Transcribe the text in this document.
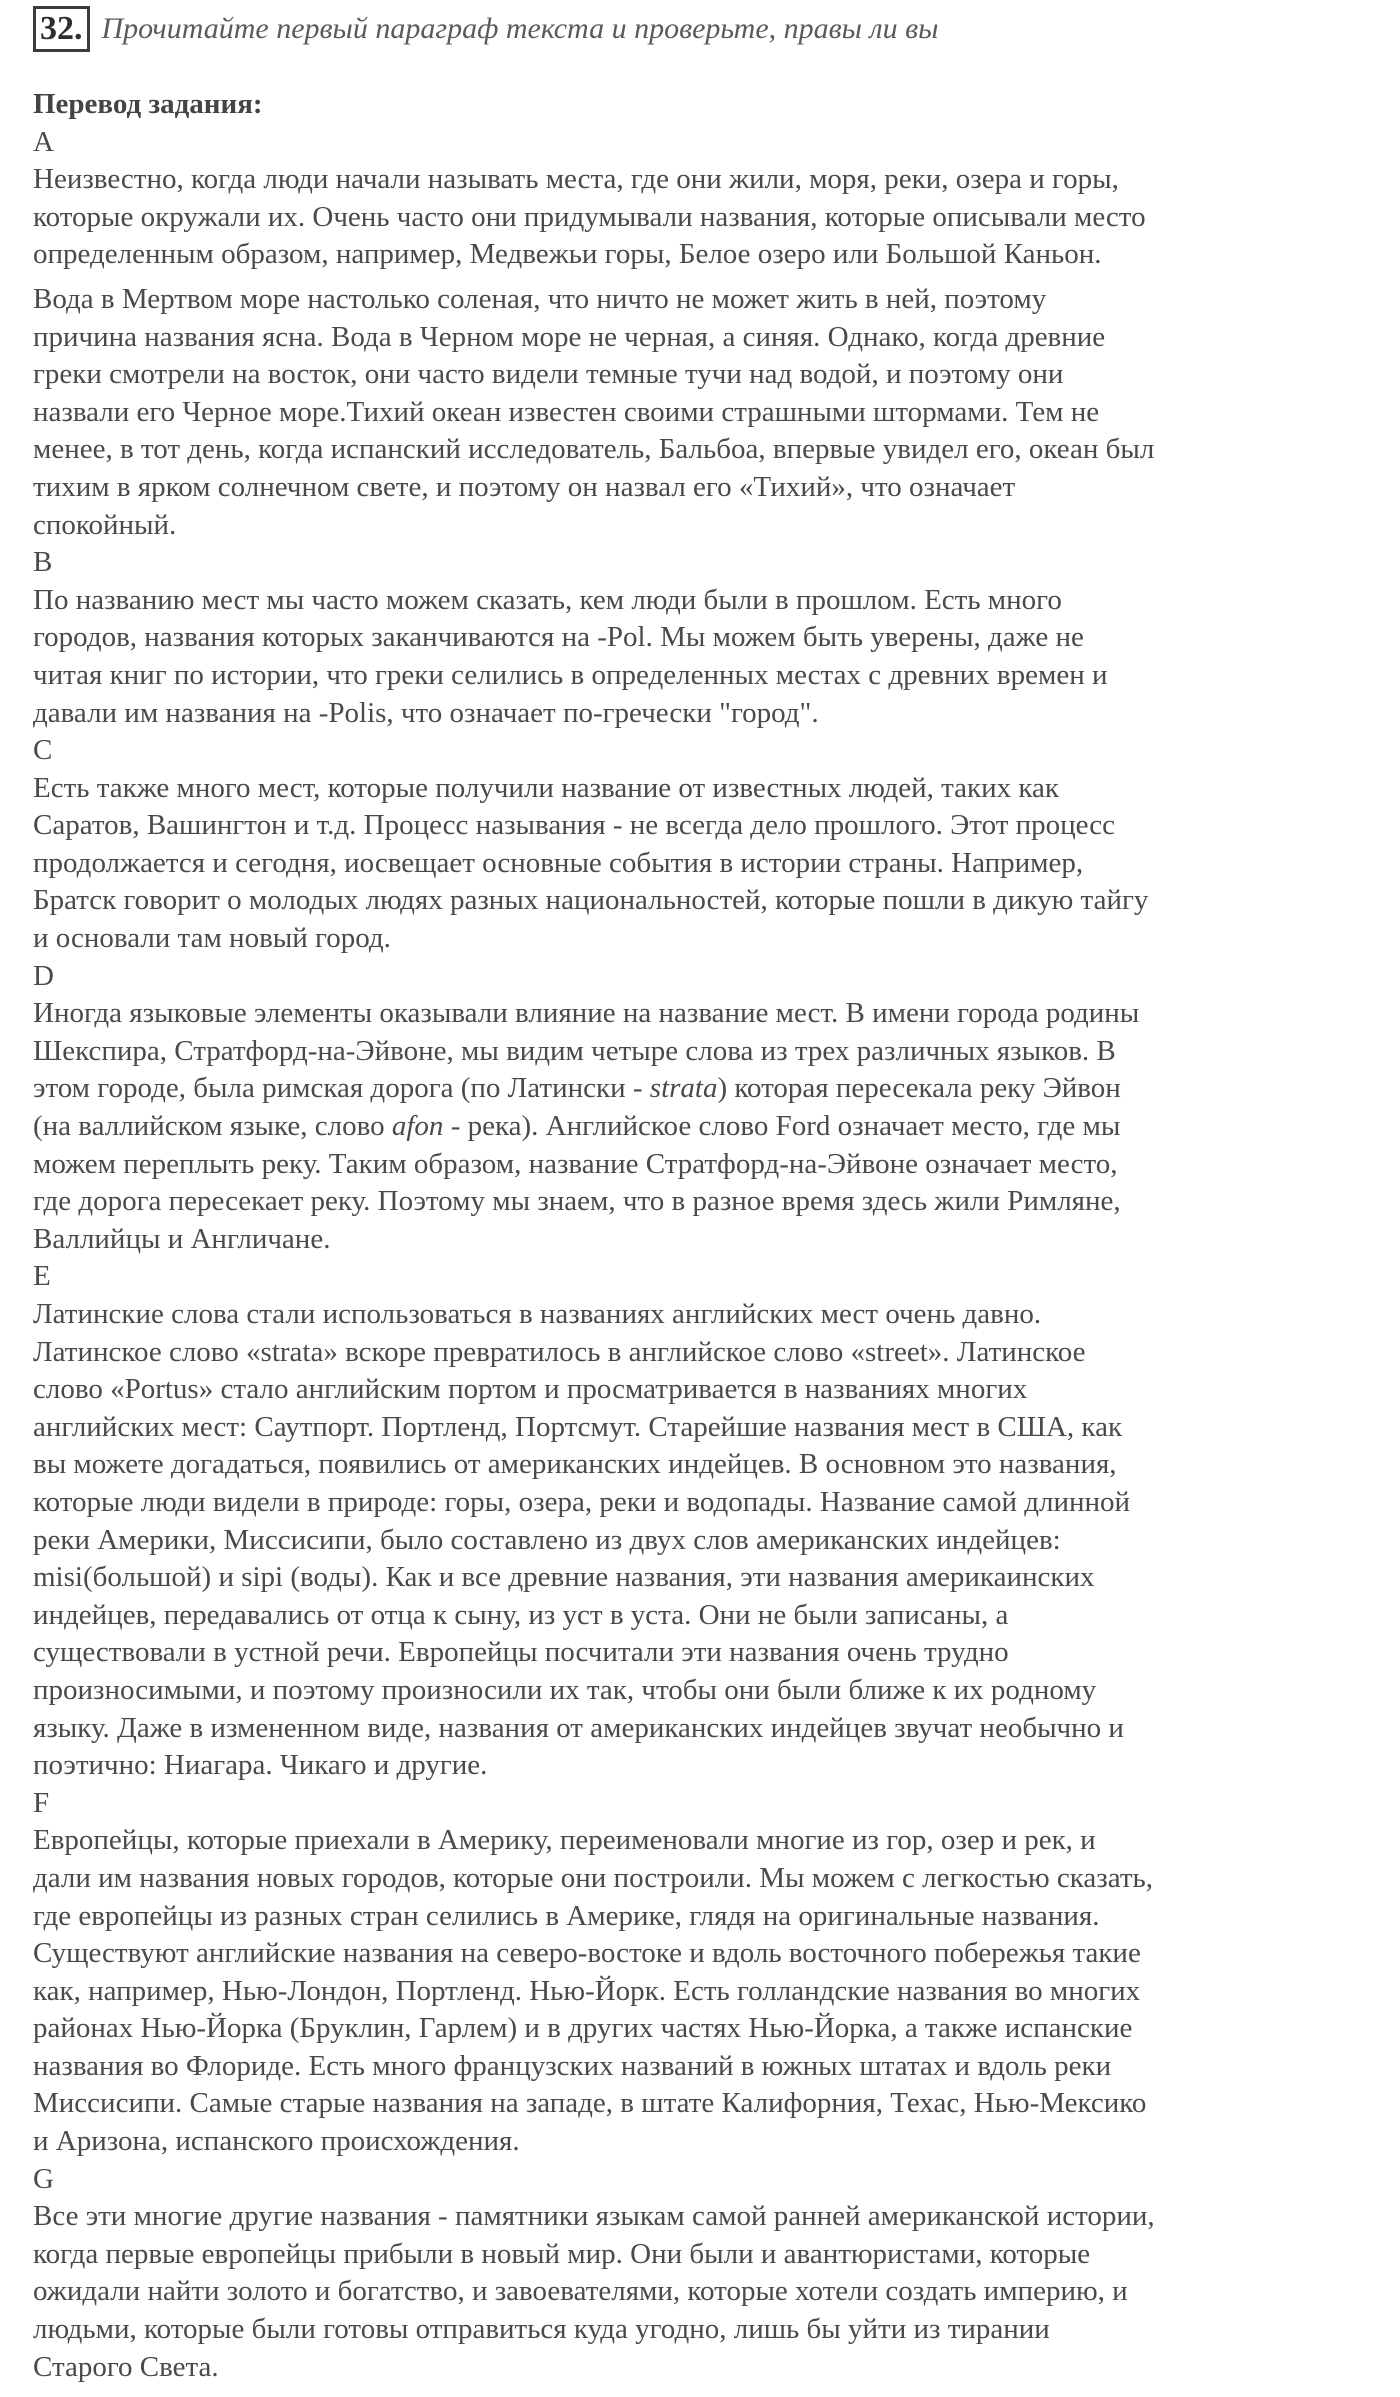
32. Прочитайте первый параграф текста и проверьте, правы ли вы
Перевод задания:
А
Неизвестно, когда люди начали называть места, где они жили, моря, реки, озера и горы,
которые окружали их. Очень часто они придумывали названия, которые описывали место
определенным образом, например, Медвежьи горы, Белое озеро или Большой Каньон.
Вода в Мертвом море настолько соленая, что ничто не может жить в ней, поэтому
причина названия ясна. Вода в Черном море не черная, а синяя. Однако, когда древние
греки смотрели на восток, они часто видели темные тучи над водой, и поэтому они
назвали его Черное море.Тихий океан известен своими страшными штормами. Тем не
менее, в тот день, когда испанский исследователь, Бальбоа, впервые увидел его, океан был
тихим в ярком солнечном свете, и поэтому он назвал его «Тихий», что означает
спокойный.
В
По названию мест мы часто можем сказать, кем люди были в прошлом. Есть много
городов, названия которых заканчиваются на -Pol. Мы можем быть уверены, даже не
читая книг по истории, что греки селились в определенных местах с древних времен и
давали им названия на -Polis, что означает по-гречески "город".
С
Есть также много мест, которые получили название от известных людей, таких как
Саратов, Вашингтон и т.д. Процесс называния - не всегда дело прошлого. Этот процесс
продолжается и сегодня, иосвещает основные события в истории страны. Например,
Братск говорит о молодых людях разных национальностей, которые пошли в дикую тайгу
и основали там новый город.
D
Иногда языковые элементы оказывали влияние на название мест. В имени города родины
Шекспира, Стратфорд-на-Эйвоне, мы видим четыре слова из трех различных языков. В
этом городе, была римская дорога (по Латински - strata) которая пересекала реку Эйвон
(на валлийском языке, слово afon - река). Английское слово Ford означает место, где мы
можем переплыть реку. Таким образом, название Стратфорд-на-Эйвоне означает место,
где дорога пересекает реку. Поэтому мы знаем, что в разное время здесь жили Римляне,
Валлийцы и Англичане.
Е
Латинские слова стали использоваться в названиях английских мест очень давно.
Латинское слово «strata» вскоре превратилось в английское слово «street». Латинское
слово «Portus» стало английским портом и просматривается в названиях многих
английских мест: Саутпорт. Портленд, Портсмут. Старейшие названия мест в США, как
вы можете догадаться, появились от американских индейцев. В основном это названия,
которые люди видели в природе: горы, озера, реки и водопады. Название самой длинной
реки Америки, Миссисипи, было составлено из двух слов американских индейцев:
misi(большой) и sipi (воды). Как и все древние названия, эти названия америкаинских
индейцев, передавались от отца к сыну, из уст в уста. Они не были записаны, а
существовали в устной речи. Европейцы посчитали эти названия очень трудно
произносимыми, и поэтому произносили их так, чтобы они были ближе к их родному
языку. Даже в измененном виде, названия от американских индейцев звучат необычно и
поэтично: Ниагара. Чикаго и другие.
F
Европейцы, которые приехали в Америку, переименовали многие из гор, озер и рек, и
дали им названия новых городов, которые они построили. Мы можем с легкостью сказать,
где европейцы из разных стран селились в Америке, глядя на оригинальные названия.
Существуют английские названия на северо-востоке и вдоль восточного побережья такие
как, например, Нью-Лондон, Портленд. Нью-Йорк. Есть голландские названия во многих
районах Нью-Йорка (Бруклин, Гарлем) и в других частях Нью-Йорка, а также испанские
названия во Флориде. Есть много французских названий в южных штатах и вдоль реки
Миссисипи. Самые старые названия на западе, в штате Калифорния, Техас, Нью-Мексико
и Аризона, испанского происхождения.
G
Все эти многие другие названия - памятники языкам самой ранней американской истории,
когда первые европейцы прибыли в новый мир. Они были и авантюристами, которые
ожидали найти золото и богатство, и завоевателями, которые хотели создать империю, и
людьми, которые были готовы отправиться куда угодно, лишь бы уйти из тирании
Старого Света.
